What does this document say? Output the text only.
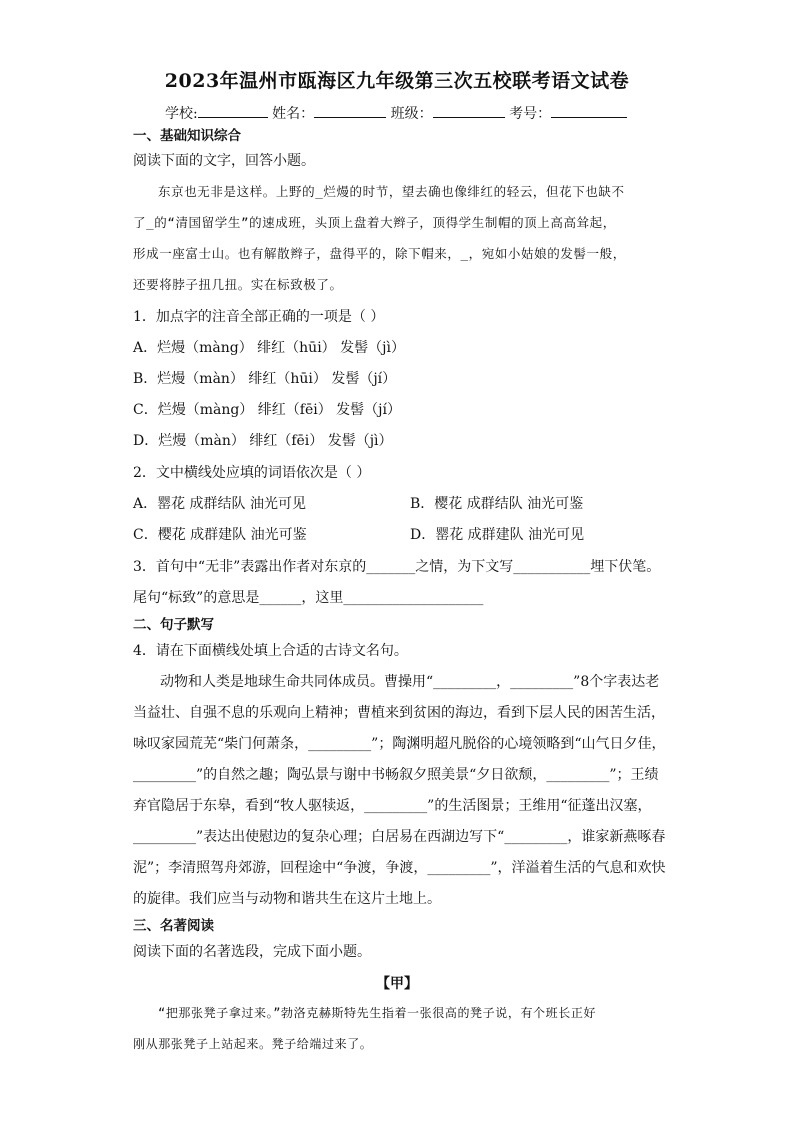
2023年温州市瓯海区九年级第三次五校联考语文试卷
学校:	姓名：	班级：	考号：
一、基础知识综合
阅读下面的文字，回答小题。
东京也无非是这样。上野的_烂熳的时节，望去确也像绯红的轻云，但花下也缺不
了_的“清国留学生”的速成班，头顶上盘着大辫子，顶得学生制帽的顶上高高耸起，
形成一座富士山。也有解散辫子，盘得平的，除下帽来，_，宛如小姑娘的发髻一般，
还要将脖子扭几扭。实在标致极了。
1．加点字的注音全部正确的一项是（ ）
A．烂熳（màng） 绯红（hūi） 发髻（jì）
B．烂熳（màn） 绯红（hūi） 发髻（jí）
C．烂熳（màng） 绯红（fēi） 发髻（jí）
D．烂熳（màn） 绯红（fēi） 发髻（jì）
2．文中横线处应填的词语依次是（ ）
A．罂花 成群结队 油光可见	B．樱花 成群结队 油光可鉴
C．樱花 成群建队 油光可鉴	D．罂花 成群建队 油光可见
3．首句中“无非”表露出作者对东京的_______之情，为下文写___________埋下伏笔。
尾句“标致”的意思是______，这里____________________
二、句子默写
4．请在下面横线处填上合适的古诗文名句。
动物和人类是地球生命共同体成员。曹操用“_________，_________”8个字表达老
当益壮、自强不息的乐观向上精神；曹植来到贫困的海边，看到下层人民的困苦生活，
咏叹家园荒芜“柴门何萧条，_________”；陶渊明超凡脱俗的心境领略到“山气日夕佳，
_________”的自然之趣；陶弘景与谢中书畅叙夕照美景“夕日欲颓，_________”；王绩
弃官隐居于东皋，看到“牧人驱犊返，_________”的生活图景；王维用“征蓬出汉塞，
_________”表达出使慰边的复杂心理；白居易在西湖边写下“_________，谁家新燕啄春
泥”；李清照驾舟郊游，回程途中“争渡，争渡，_________”，洋溢着生活的气息和欢快
的旋律。我们应当与动物和谐共生在这片土地上。
三、名著阅读
阅读下面的名著选段，完成下面小题。
【甲】
“把那张凳子拿过来。”勃洛克赫斯特先生指着一张很高的凳子说，有个班长正好
刚从那张凳子上站起来。凳子给端过来了。
